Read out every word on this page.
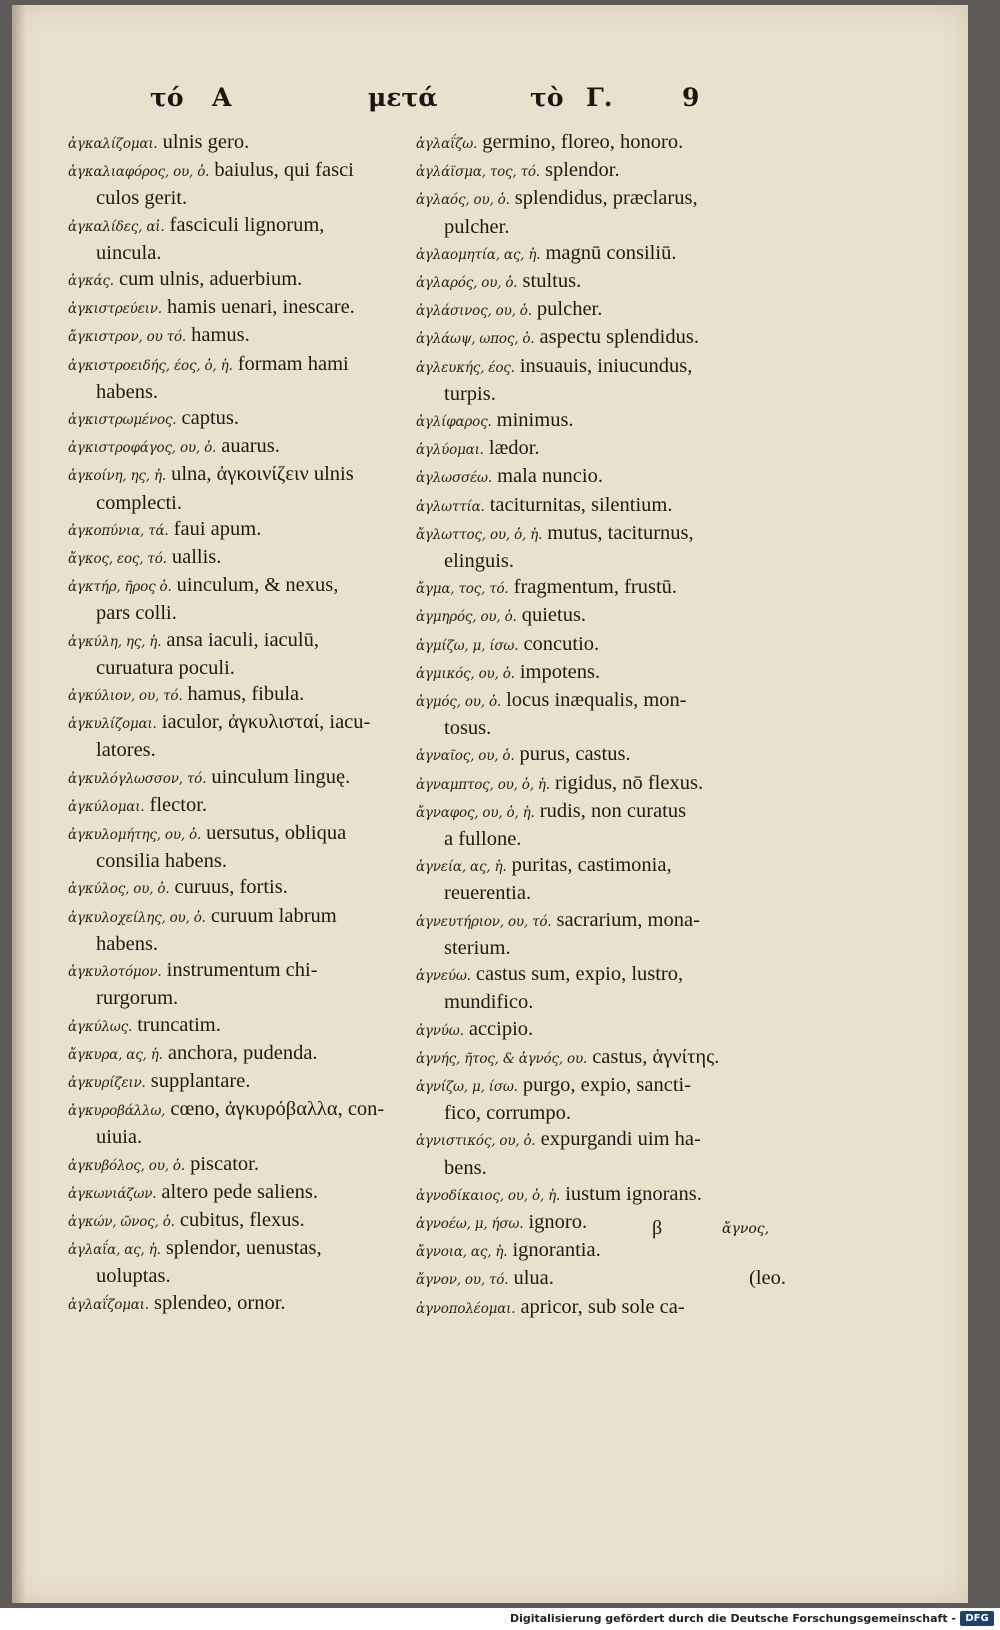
τό A	μετά	τὸ Γ.	9
ἀγκαλίζομαι. ulnis gero.
ἀγκαλιαφόρος, ου, ὁ. baiulus, qui fasci
culos gerit.
ἀγκαλίδες, αἱ. fasciculi lignorum,
uincula.
ἀγκάς. cum ulnis, aduerbium.
ἀγκιστρεύειν. hamis uenari, inescare.
ἄγκιστρον, ου τό. hamus.
ἀγκιστροειδής, έος, ὁ, ἡ. formam hami
habens.
ἀγκιστρωμένος. captus.
ἀγκιστροφάγος, ου, ὁ. auarus.
ἀγκοίνη, ης, ἡ. ulna, ἀγκοινίζειν ulnis
complecti.
ἀγκοπύνια, τά. faui apum.
ἄγκος, εος, τό. uallis.
ἀγκτήρ, ῆρος ὁ. uinculum, & nexus,
pars colli.
ἀγκύλη, ης, ἡ. ansa iaculi, iaculū,
curuatura poculi.
ἀγκύλιον, ου, τό. hamus, fibula.
ἀγκυλίζομαι. iaculor, ἀγκυλισταί, iacu-
latores.
ἀγκυλόγλωσσον, τό. uinculum linguę.
ἀγκύλομαι. flector.
ἀγκυλομήτης, ου, ὁ. uersutus, obliqua
consilia habens.
ἀγκύλος, ου, ὁ. curuus, fortis.
ἀγκυλοχείλης, ου, ὁ. curuum labrum
habens.
ἀγκυλοτόμον. instrumentum chi-
rurgorum.
ἀγκύλως. truncatim.
ἄγκυρα, ας, ἡ. anchora, pudenda.
ἀγκυρίζειν. supplantare.
ἀγκυροβάλλω, cœno, ἀγκυρόβαλλα, con-
uiuia.
ἀγκυβόλος, ου, ὁ. piscator.
ἀγκωνιάζων. altero pede saliens.
ἀγκών, ῶνος, ὁ. cubitus, flexus.
ἀγλαΐα, ας, ἡ. splendor, uenustas,
uoluptas.
ἀγλαΐζομαι. splendeo, ornor.
ἀγλαΐζω. germino, floreo, honoro.
ἀγλάϊσμα, τος, τό. splendor.
ἀγλαός, ου, ὁ. splendidus, præclarus,
pulcher.
ἀγλαομητία, ας, ἡ. magnū consiliū.
ἀγλαρός, ου, ὁ. stultus.
ἀγλάσινος, ου, ὁ. pulcher.
ἀγλάωψ, ωπος, ὁ. aspectu splendidus.
ἀγλευκής, έος. insuauis, iniucundus,
turpis.
ἀγλίφαρος. minimus.
ἀγλύομαι. lædor.
ἀγλωσσέω. mala nuncio.
ἀγλωττία. taciturnitas, silentium.
ἄγλωττος, ου, ὁ, ἡ. mutus, taciturnus,
elinguis.
ἄγμα, τος, τό. fragmentum, frustū.
ἀγμηρός, ου, ὁ. quietus.
ἀγμίζω, μ, ίσω. concutio.
ἀγμικός, ου, ὁ. impotens.
ἀγμός, ου, ὁ. locus inæqualis, mon-
tosus.
ἁγναῖος, ου, ὁ. purus, castus.
ἀγναμπτος, ου, ὁ, ἡ. rigidus, nō flexus.
ἄγναφος, ου, ὁ, ἡ. rudis, non curatus
a fullone.
ἁγνεία, ας, ἡ. puritas, castimonia,
reuerentia.
ἁγνευτήριον, ου, τό. sacrarium, mona-
sterium.
ἁγνεύω. castus sum, expio, lustro,
mundifico.
ἀγνύω. accipio.
ἁγνής, ῆτος, & ἁγνός, ου. castus, ἁγνίτης.
ἁγνίζω, μ, ίσω. purgo, expio, sancti-
fico, corrumpo.
ἁγνιστικός, ου, ὁ. expurgandi uim ha-
bens.
ἀγνοδίκαιος, ου, ὁ, ἡ. iustum ignorans.
ἀγνοέω, μ, ήσω. ignoro.
ἄγνοια, ας, ἡ. ignorantia.
ἄγνον, ου, τό. ulua.	(leo.
ἀγνοπολέομαι. apricor, sub sole ca-
β	ἄγνος,
Digitalisierung gefördert durch die Deutsche Forschungsgemeinschaft - DFG
